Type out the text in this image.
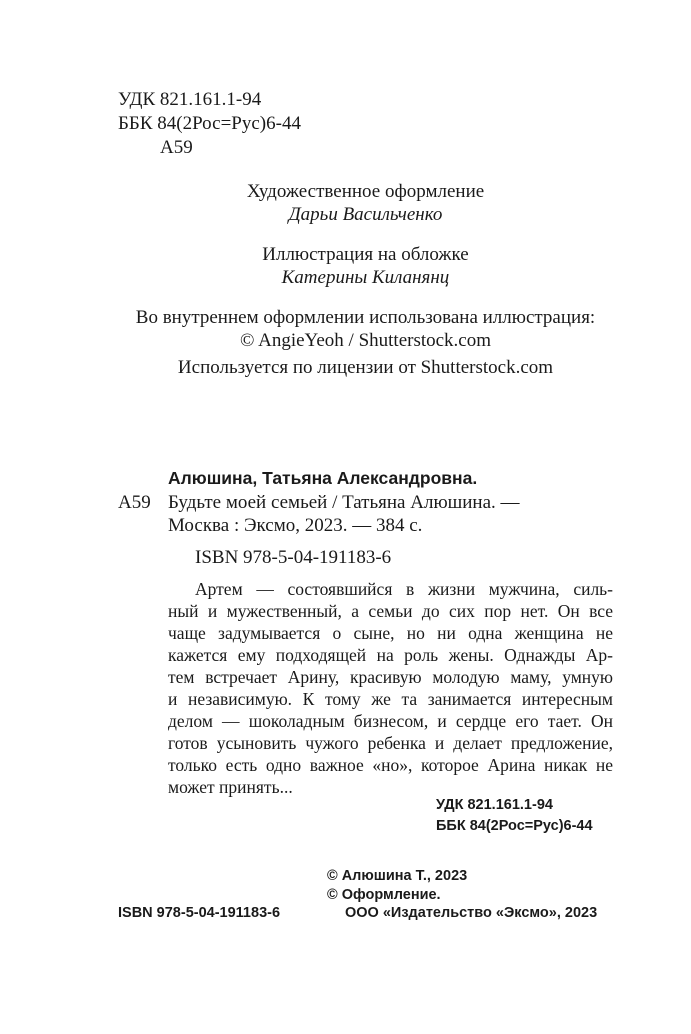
УДК 821.161.1-94
ББК 84(2Рос=Рус)6-44
А59
Художественное оформление
Дарьи Васильченко
Иллюстрация на обложке
Катерины Киланянц
Во внутреннем оформлении использована иллюстрация:
© AngieYeoh / Shutterstock.com
Используется по лицензии от Shutterstock.com
Алюшина, Татьяна Александровна.
А59 Будьте моей семьей / Татьяна Алюшина. —
Москва : Эксмо, 2023. — 384 с.
ISBN 978-5-04-191183-6
Артем — состоявшийся в жизни мужчина, силь-
ный и мужественный, а семьи до сих пор нет. Он все
чаще задумывается о сыне, но ни одна женщина не
кажется ему подходящей на роль жены. Однажды Ар-
тем встречает Арину, красивую молодую маму, умную
и независимую. К тому же та занимается интересным
делом — шоколадным бизнесом, и сердце его тает. Он
готов усыновить чужого ребенка и делает предложение,
только есть одно важное «но», которое Арина никак не
может принять...
УДК 821.161.1-94
ББК 84(2Рос=Рус)6-44
© Алюшина Т., 2023
© Оформление.
ISBN 978-5-04-191183-6	ООО «Издательство «Эксмо», 2023
